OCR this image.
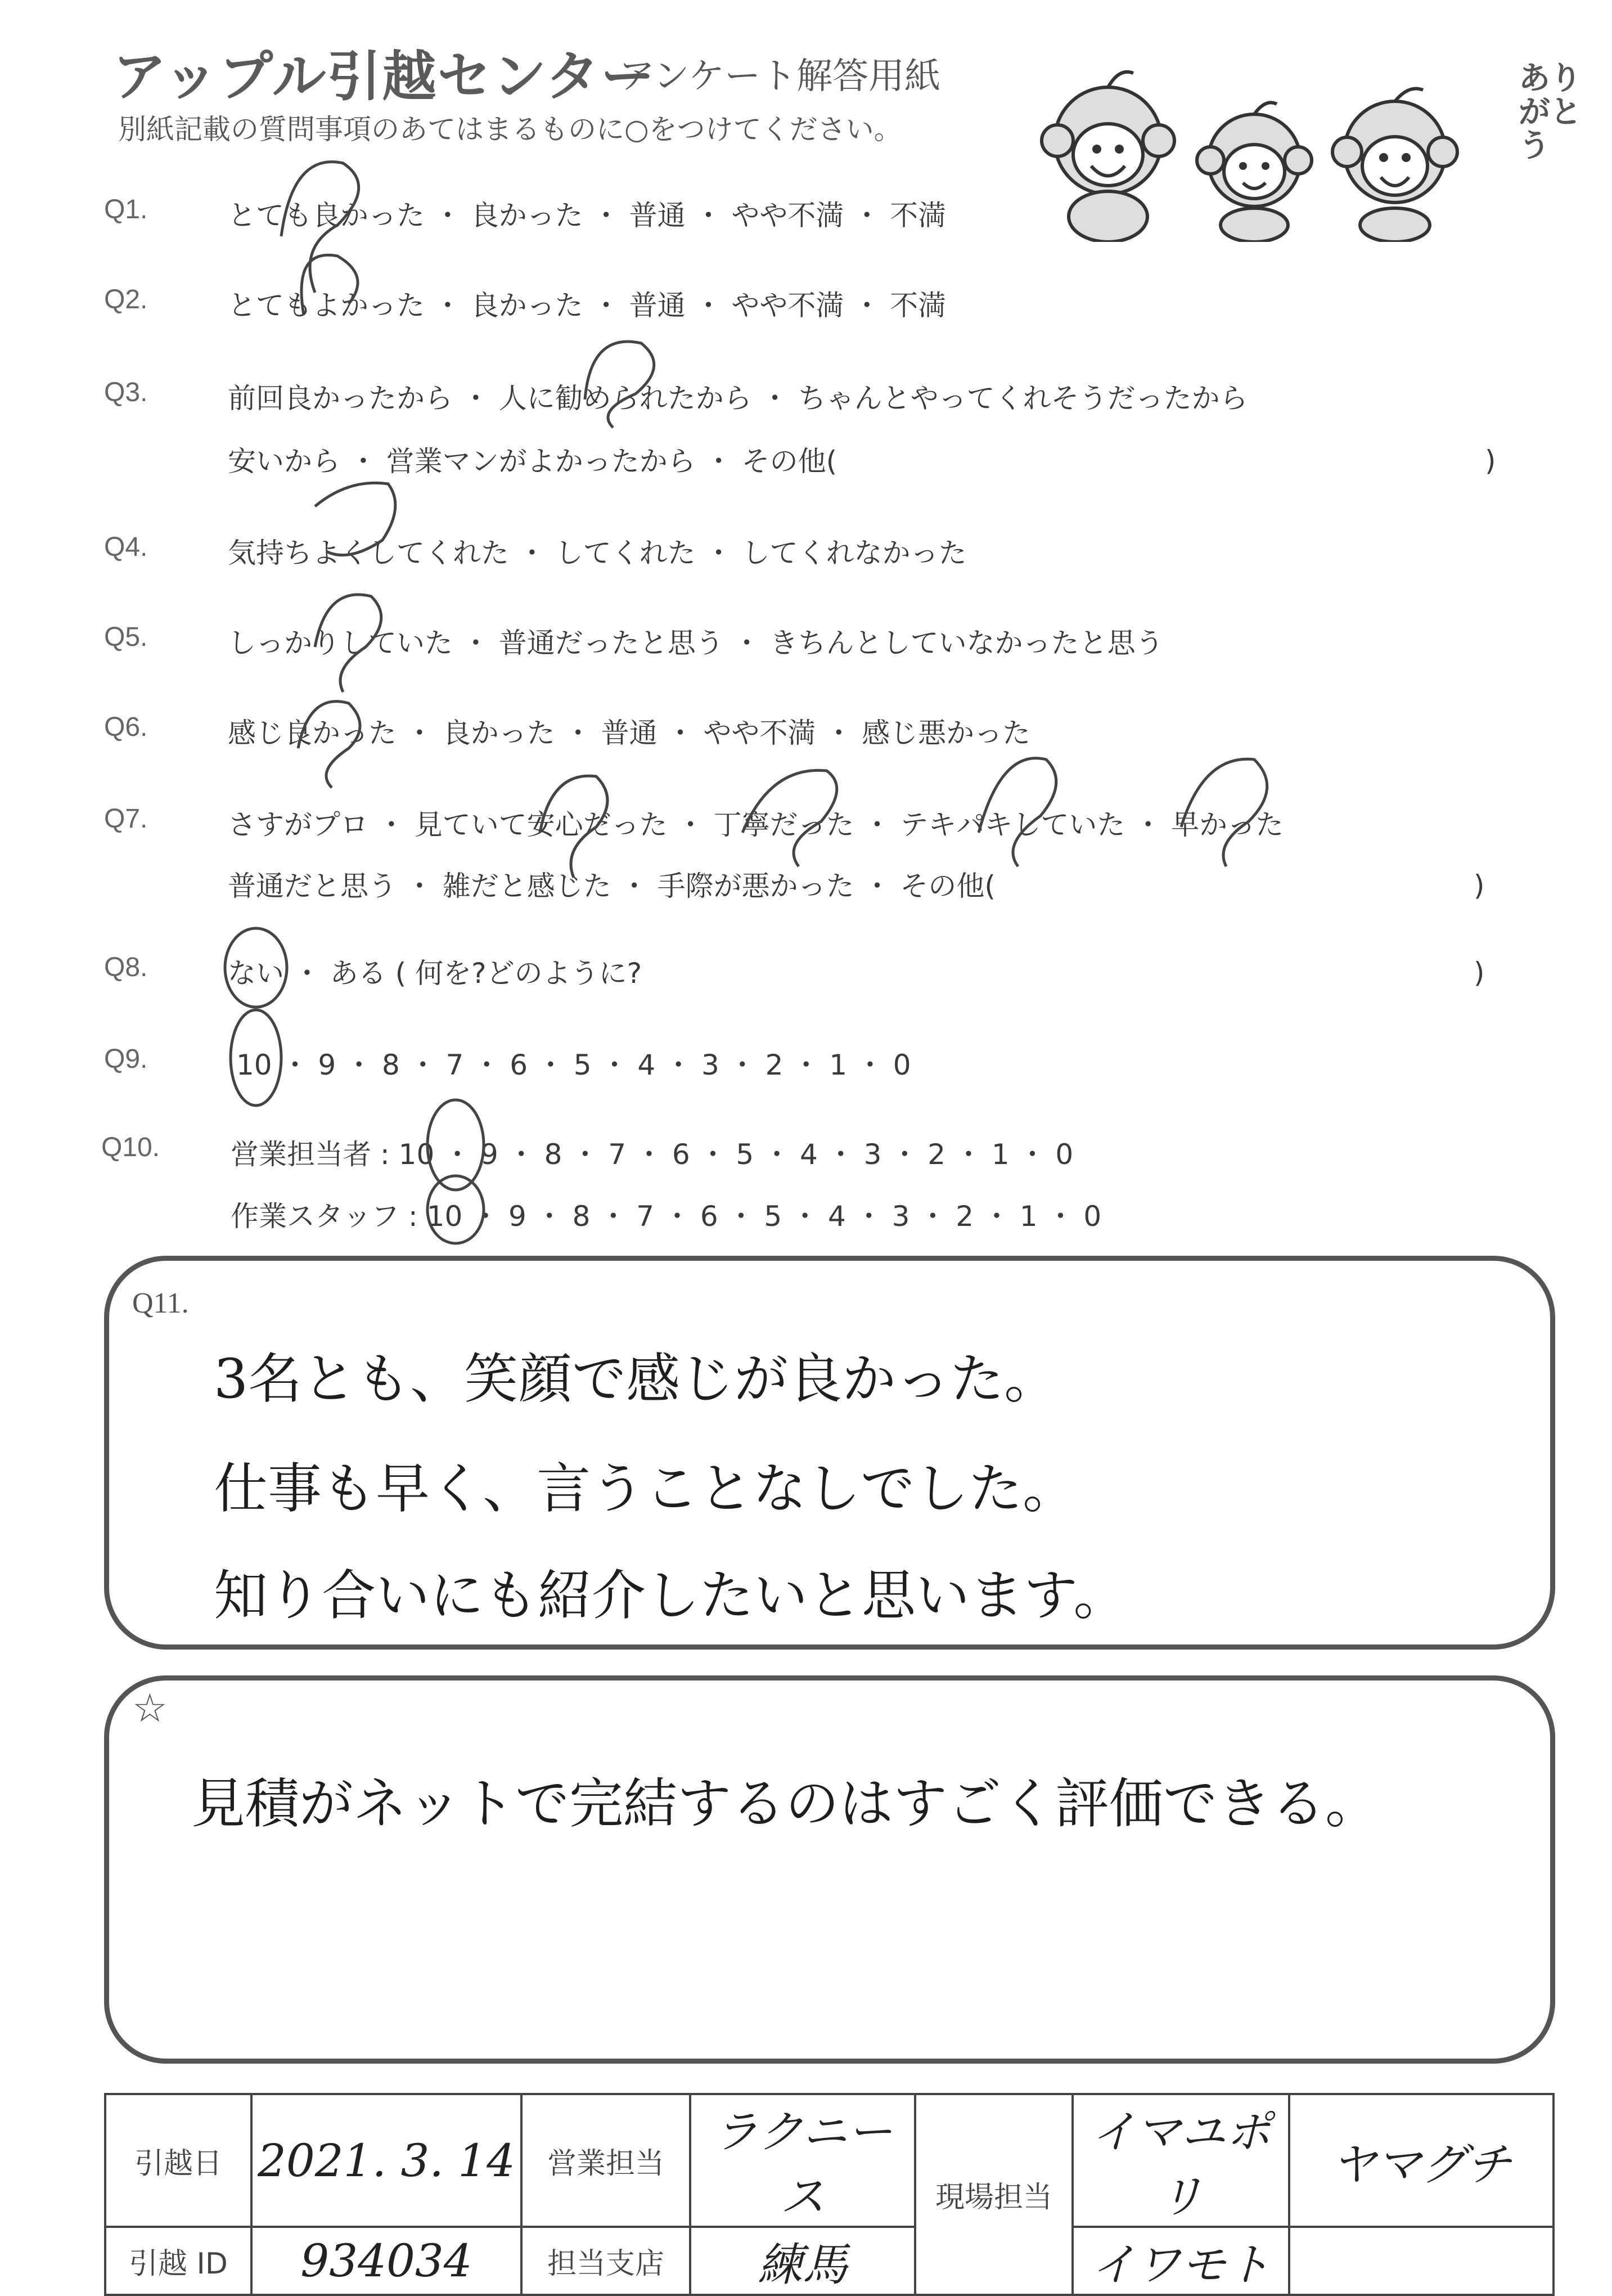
アップル引越センター
アンケート解答用紙
別紙記載の質問事項のあてはまるものに○をつけてください。
あり
がと
う
Q1.	とても良かった ・ 良かった ・ 普通 ・ やや不満 ・ 不満
Q2.	とてもよかった ・ 良かった ・ 普通 ・ やや不満 ・ 不満
Q3.	前回良かったから ・ 人に勧められたから ・ ちゃんとやってくれそうだったから
安いから ・ 営業マンがよかったから ・ その他(	)
Q4.	気持ちよくしてくれた ・ してくれた ・ してくれなかった
Q5.	しっかりしていた ・ 普通だったと思う ・ きちんとしていなかったと思う
Q6.	感じ良かった ・ 良かった ・ 普通 ・ やや不満 ・ 感じ悪かった
Q7.	さすがプロ ・ 見ていて安心だった ・ 丁寧だった ・ テキパキしていた ・ 早かった
普通だと思う ・ 雑だと感じた ・ 手際が悪かった ・ その他(	)
Q8.	ない ・ ある ( 何を?どのように?	)
Q9.	10 ・ 9 ・ 8 ・ 7 ・ 6 ・ 5 ・ 4 ・ 3 ・ 2 ・ 1 ・ 0
Q10.	営業担当者 : 10 ・ 9 ・ 8 ・ 7 ・ 6 ・ 5 ・ 4 ・ 3 ・ 2 ・ 1 ・ 0
作業スタッフ : 10 ・ 9 ・ 8 ・ 7 ・ 6 ・ 5 ・ 4 ・ 3 ・ 2 ・ 1 ・ 0
Q11.
3名とも、笑顔で感じが良かった。
仕事も早く、言うことなしでした。
知り合いにも紹介したいと思います。
☆
見積がネットで完結するのはすごく評価できる。
引越日	2021. 3. 14	営業担当	ラクニース	現場担当	イマユポリ	ヤマグチ
引越 ID	934034	担当支店	練馬		イワモト	
